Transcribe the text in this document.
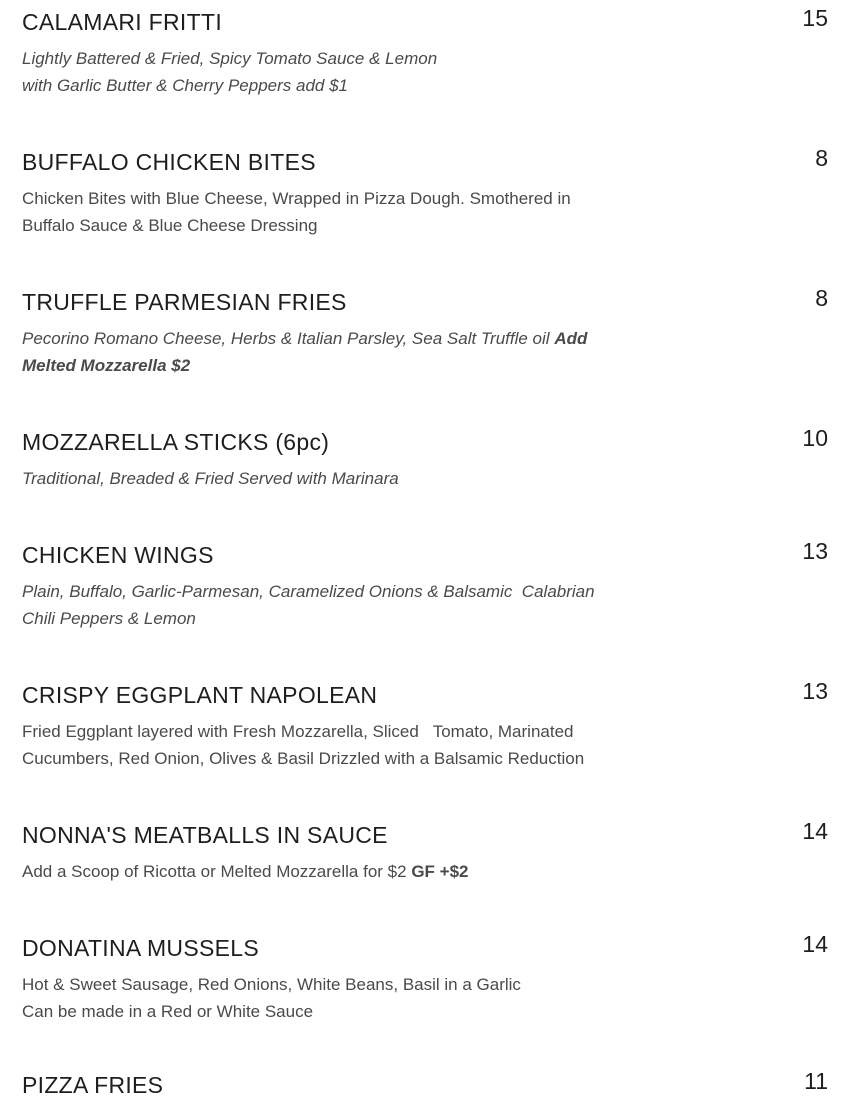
CALAMARI FRITTI	15
Lightly Battered & Fried, Spicy Tomato Sauce & Lemon
with Garlic Butter & Cherry Peppers add $1
BUFFALO CHICKEN BITES	8
Chicken Bites with Blue Cheese, Wrapped in Pizza Dough. Smothered in
Buffalo Sauce & Blue Cheese Dressing
TRUFFLE PARMESIAN FRIES	8
Pecorino Romano Cheese, Herbs & Italian Parsley, Sea Salt Truffle oil Add
Melted Mozzarella $2
MOZZARELLA STICKS (6pc)	10
Traditional, Breaded & Fried Served with Marinara
CHICKEN WINGS	13
Plain, Buffalo, Garlic-Parmesan, Caramelized Onions & Balsamic  Calabrian
Chili Peppers & Lemon
CRISPY EGGPLANT NAPOLEAN	13
Fried Eggplant layered with Fresh Mozzarella, Sliced   Tomato, Marinated
Cucumbers, Red Onion, Olives & Basil Drizzled with a Balsamic Reduction
NONNA'S MEATBALLS IN SAUCE	14
Add a Scoop of Ricotta or Melted Mozzarella for $2 GF +$2
DONATINA MUSSELS	14
Hot & Sweet Sausage, Red Onions, White Beans, Basil in a Garlic
Can be made in a Red or White Sauce
PIZZA FRIES	11
